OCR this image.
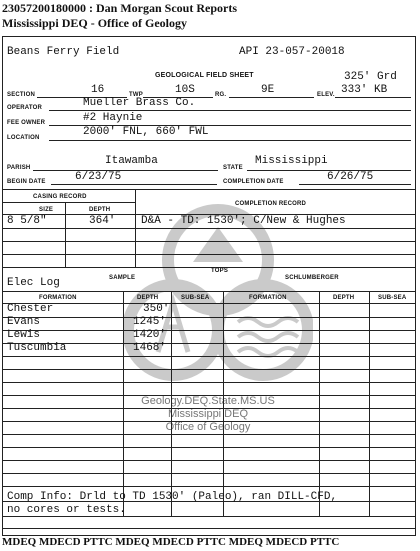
23057200180000 : Dan Morgan Scout Reports
Mississippi DEQ - Office of Geology
Geology.DEQ.State.MS.US
Mississippi DEQ
Office of Geology
Beans Ferry Field	API 23-057-20018
GEOLOGICAL FIELD SHEET	325' Grd
SECTION	16	TWP	10S	RG.	9E	ELEV. 333' KB
OPERATOR	Mueller Brass Co.
FEE OWNER	#2 Haynie
LOCATION	2000' FNL, 660' FWL
PARISH
Itawamba
STATE
Mississippi
BEGIN DATE	6/23/75	COMPLETION DATE	6/26/75
CASING RECORD
COMPLETION RECORD
SIZE	DEPTH
8 5/8"	364' D&A - TD: 1530'; C/New & Hughes
TOPS
Elec Log	SAMPLE	SCHLUMBERGER
FORMATION	DEPTH	SUB-SEA	FORMATION	DEPTH	SUB-SEA
Chester	350'
Evans	1245'
Lewis	1420'
Tuscumbia	1468'
Comp Info: Drld to TD 1530' (Paleo), ran DILL-CFD,
no cores or tests.
MDEQ MDECD PTTC MDEQ MDECD PTTC MDEQ MDECD PTTC
